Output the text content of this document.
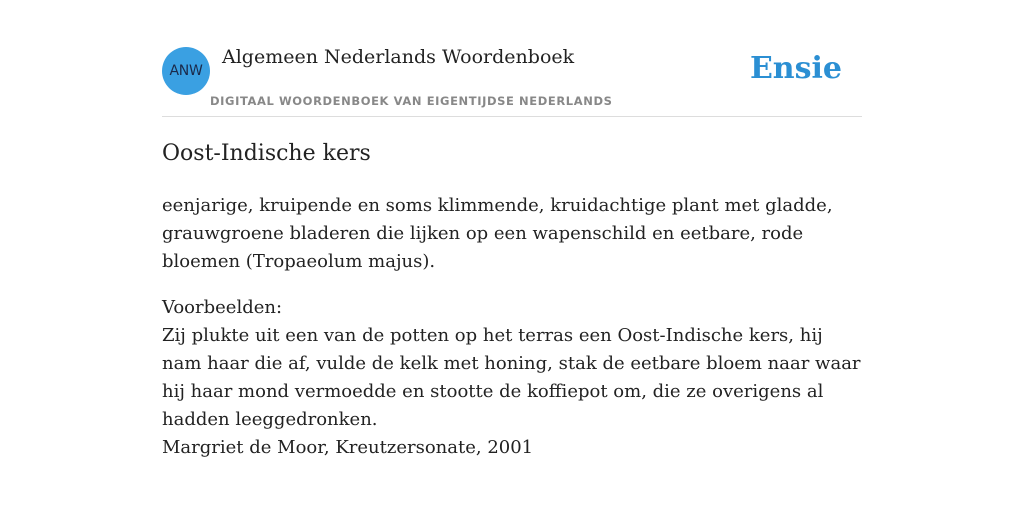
ANW
Algemeen Nederlands Woordenboek
DIGITAAL WOORDENBOEK VAN EIGENTIJDSE NEDERLANDS
Ensie
Oost-Indische kers

eenjarige, kruipende en soms klimmende, kruidachtige plant met gladde, grauwgroene bladeren die lijken op een wapenschild en eetbare, rode bloemen (Tropaeolum majus).

Voorbeelden:
Zij plukte uit een van de potten op het terras een Oost-Indische kers, hij nam haar die af, vulde de kelk met honing, stak de eetbare bloem naar waar hij haar mond vermoedde en stootte de koffiepot om, die ze overigens al hadden leeggedronken.
Margriet de Moor, Kreutzersonate, 2001
